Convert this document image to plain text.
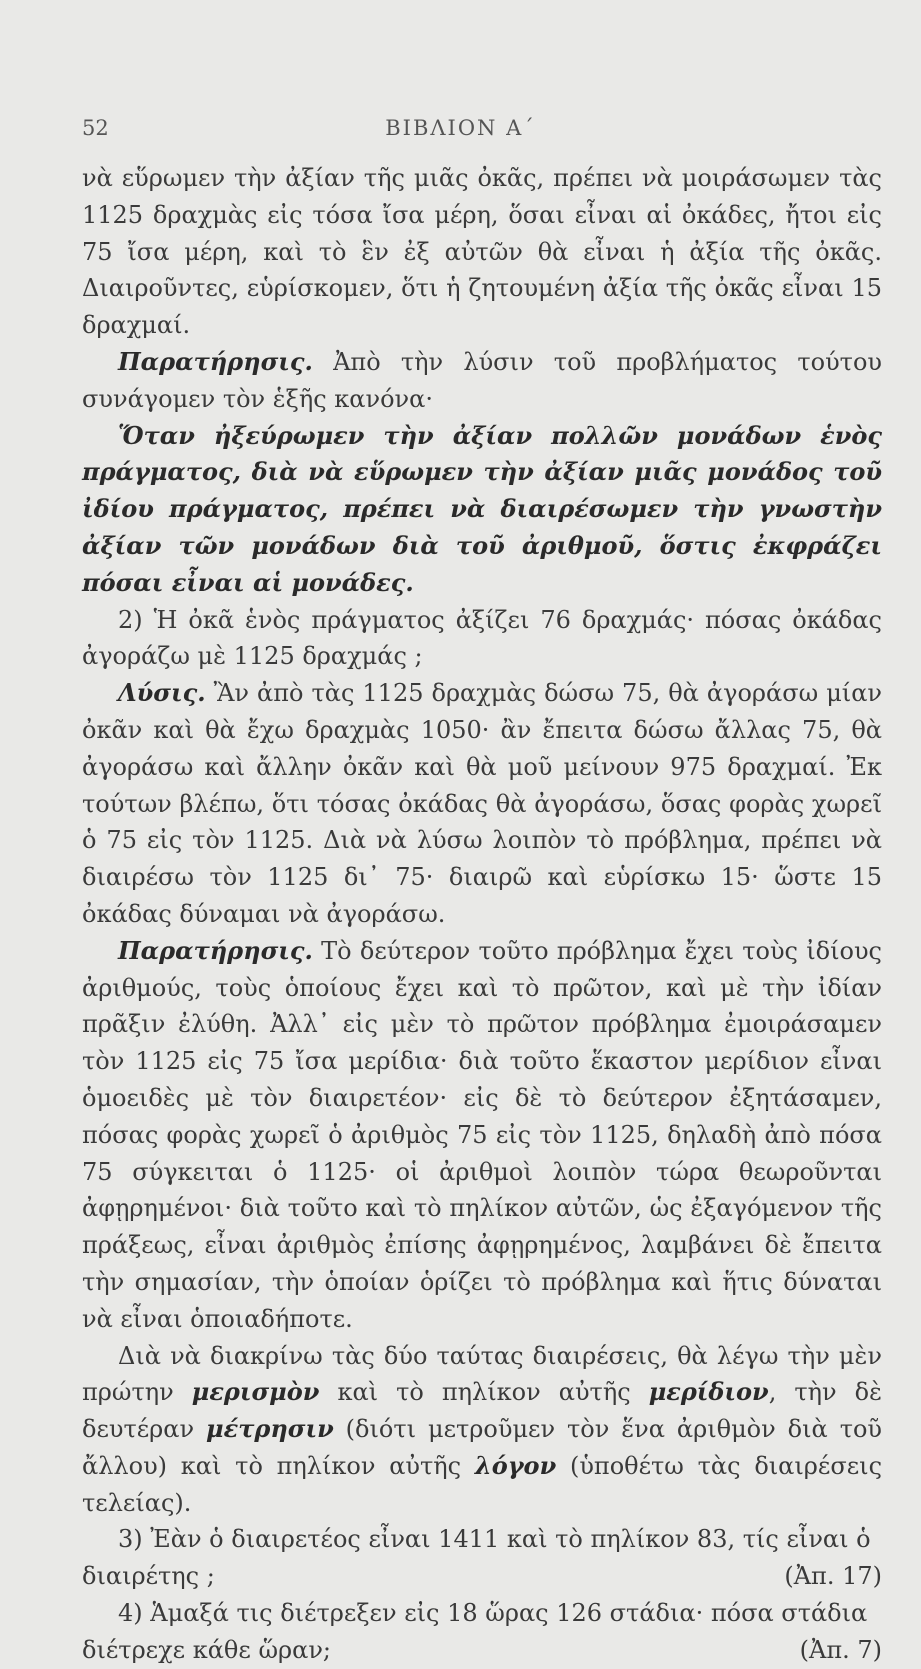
52	ΒΙΒΛΙΟΝ Α΄

νὰ εὕρωμεν τὴν ἀξίαν τῆς μιᾶς ὀκᾶς, πρέπει νὰ μοιράσωμεν τὰς 1125 δραχμὰς εἰς τόσα ἴσα μέρη, ὅσαι εἶναι αἱ ὀκάδες, ἤτοι εἰς 75 ἴσα μέρη, καὶ τὸ ἓν ἐξ αὐτῶν θὰ εἶναι ἡ ἀξία τῆς ὀκᾶς. Διαιροῦντες, εὑρίσκομεν, ὅτι ἡ ζητουμένη ἀξία τῆς ὀκᾶς εἶναι 15 δραχμαί.

Παρατήρησις. Ἀπὸ τὴν λύσιν τοῦ προβλήματος τούτου συνάγομεν τὸν ἑξῆς κανόνα·

Ὅταν ἠξεύρωμεν τὴν ἀξίαν πολλῶν μονάδων ἑνὸς πράγματος, διὰ νὰ εὕρωμεν τὴν ἀξίαν μιᾶς μονάδος τοῦ ἰδίου πράγματος, πρέπει νὰ διαιρέσωμεν τὴν γνωστὴν ἀξίαν τῶν μονάδων διὰ τοῦ ἀριθμοῦ, ὅστις ἐκφράζει πόσαι εἶναι αἱ μονάδες.

2) Ἡ ὀκᾶ ἑνὸς πράγματος ἀξίζει 76 δραχμάς· πόσας ὀκάδας ἀγοράζω μὲ 1125 δραχμάς ;

Λύσις. Ἂν ἀπὸ τὰς 1125 δραχμὰς δώσω 75, θὰ ἀγοράσω μίαν ὀκᾶν καὶ θὰ ἔχω δραχμὰς 1050· ἂν ἔπειτα δώσω ἄλλας 75, θὰ ἀγοράσω καὶ ἄλλην ὀκᾶν καὶ θὰ μοῦ μείνουν 975 δραχμαί. Ἐκ τούτων βλέπω, ὅτι τόσας ὀκάδας θὰ ἀγοράσω, ὅσας φορὰς χωρεῖ ὁ 75 εἰς τὸν 1125. Διὰ νὰ λύσω λοιπὸν τὸ πρόβλημα, πρέπει νὰ διαιρέσω τὸν 1125 δι᾽ 75· διαιρῶ καὶ εὑρίσκω 15· ὥστε 15 ὀκάδας δύναμαι νὰ ἀγοράσω.

Παρατήρησις. Τὸ δεύτερον τοῦτο πρόβλημα ἔχει τοὺς ἰδίους ἀριθμούς, τοὺς ὁποίους ἔχει καὶ τὸ πρῶτον, καὶ μὲ τὴν ἰδίαν πρᾶξιν ἐλύθη. Ἀλλ᾽ εἰς μὲν τὸ πρῶτον πρόβλημα ἐμοιράσαμεν τὸν 1125 εἰς 75 ἴσα μερίδια· διὰ τοῦτο ἕκαστον μερίδιον εἶναι ὁμοειδὲς μὲ τὸν διαιρετέον· εἰς δὲ τὸ δεύτερον ἐξητάσαμεν, πόσας φορὰς χωρεῖ ὁ ἀριθμὸς 75 εἰς τὸν 1125, δηλαδὴ ἀπὸ πόσα 75 σύγκειται ὁ 1125· οἱ ἀριθμοὶ λοιπὸν τώρα θεωροῦνται ἀφῃρημένοι· διὰ τοῦτο καὶ τὸ πηλίκον αὐτῶν, ὡς ἐξαγόμενον τῆς πράξεως, εἶναι ἀριθμὸς ἐπίσης ἀφῃρημένος, λαμβάνει δὲ ἔπειτα τὴν σημασίαν, τὴν ὁποίαν ὁρίζει τὸ πρόβλημα καὶ ἥτις δύναται νὰ εἶναι ὁποιαδήποτε.

Διὰ νὰ διακρίνω τὰς δύο ταύτας διαιρέσεις, θὰ λέγω τὴν μὲν πρώτην μερισμὸν καὶ τὸ πηλίκον αὐτῆς μερίδιον, τὴν δὲ δευτέραν μέτρησιν (διότι μετροῦμεν τὸν ἕνα ἀριθμὸν διὰ τοῦ ἄλλου) καὶ τὸ πηλίκον αὐτῆς λόγον (ὑποθέτω τὰς διαιρέσεις τελείας).

3) Ἐὰν ὁ διαιρετέος εἶναι 1411 καὶ τὸ πηλίκον 83, τίς εἶναι ὁ

διαιρέτης ;	(Ἀπ. 17)

4) Ἁμαξά τις διέτρεξεν εἰς 18 ὥρας 126 στάδια· πόσα στάδια

διέτρεχε κάθε ὥραν;	(Ἀπ. 7)
